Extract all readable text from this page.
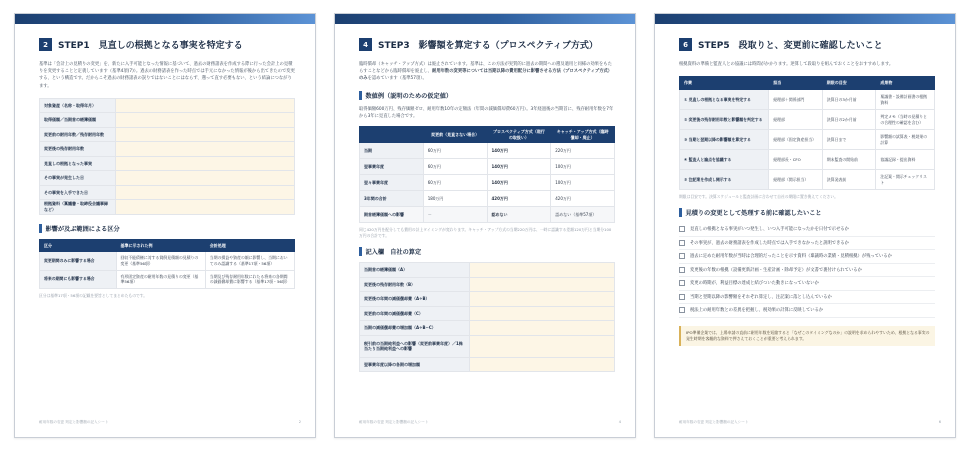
2	STEP1　見直しの根拠となる事実を特定する

基準は「会計上の見積りの変更」を、新たに入手可能となった情報に基づいて、過去の財務諸表を作成する際に行った会計上の見積りを変更することと定義しています（基準4項(7)）。過去の財務諸表を作った時点では手元になかった情報が後から出てきたので変更する、という構造です。だからこそ過去の財務諸表の誤りではないことにはならず、遡って直す必要もない、という結論につながります。

対象資産（名称・取得年月）	
取得価額／当期首の帳簿価額	
変更前の耐用年数／残存耐用年数	
変更後の残存耐用年数	
見直しの根拠となった事実	
その事実が発生した日	
その事実を入手できた日	
根拠資料（稟議書・取締役会議事録など）	
影響が及ぶ範囲による区分
区分	基準に示された例	会計処理
変更期間のみに影響する場合	回収不能債権に対する貸倒見積額の見積りの変更（基準56項）	当期の損益や資産の額に影響し、当期においてのみ認識する（基準17項・56項）
将来の期間にも影響する場合	有形固定資産の耐用年数の見積りの変更（基準56項）	当期及び残存耐用年数にわたる将来の各期間の減価償却費に影響する（基準17項・56項）
区分は基準17項・56項の記載を要旨としてまとめたものです。
耐用年数の変更 判定と影響額の記入シート	2
4	STEP3　影響額を算定する（プロスペクティブ方式）

臨時償却（キャッチ・アップ方式）は廃止されています。基準は、この方法が実質的に過去の期間への遡及適用と同様の効果をもたらすことなどから臨時償却を廃止し、耐用年数の変更等については当期以降の費用配分に影響させる方法（プロスペクティブ方式）のみを認めています（基準57項）。

数値例（説明のための仮定値）

取得価額600万円、残存価額ゼロ、耐用年数10年の定額法（年間の減価償却費60万円）。3年経過後の当期首に、残存耐用年数を7年から3年に見直した場合です。

	変更前（見直さない場合）	プロスペクティブ方式（現行の取扱い）	キャッチ・アップ方式（臨時償却・廃止）
当期	60万円	140万円	220万円
翌事業年度	60万円	140万円	100万円
翌々事業年度	60万円	140万円	100万円
3年間の合計	180万円	420万円	420万円
期首帳簿価額への影響	－	認めない	認めない（基準57項）
同じ420万円を配分しても費用の計上タイミングが変わります。キャッチ・アップ方式の当期220万円は、一時に認識する差額120万円と当期分100万円の合計です。
記入欄　自社の算定
当期首の帳簿価額（A）	
変更後の残存耐用年数（B）	
変更後の年間の減価償却費（A÷B）	
変更前の年間の減価償却費（C）	
当期の減価償却費の増加額（A÷B−C）	
税引前の当期純利益への影響（変更前事業年度）／1株当たり当期純利益への影響	
翌事業年度以降の各期の増加額	
耐用年数の変更 判定と影響額の記入シート	4
6	STEP5　段取りと、変更前に確認したいこと

根拠資料の準備と監査人との協議には時間がかかります。逆算して段取りを組んでおくことをおすすめします。

作業	担当	期限の目安	成果物
① 見直しの根拠となる事実を特定する	経理部＋関係部門	決算日の3か月前	稟議書・設備計画書の根拠資料
② 変更後の残存耐用年数と影響額を判定する	経理部	決算日の2か月前	判定メモ（当時の見積りとの合理性の確認を含む）
③ 当期と翌期以降の影響額を算定する	経理部（固定資産担当）	決算日まで	影響額の試算表・税効果の計算
④ 監査人と論点を協議する	経理部長・CFO	期末監査の開始前	協議記録・提出資料
⑤ 注記案を作成し開示する	経理部（開示担当）	決算発表前	注記案・開示チェックリスト
期限は目安です。決算スケジュールと監査計画に合わせて自社の期限に置き換えてください。
見積りの変更として処理する前に確認したいこと
見直しの根拠となる事実がいつ発生し、いつ入手可能になったかを日付で示せるか
その事実が、過去の財務諸表を作成した時点では入手できなかったと説明できるか
過去に定めた耐用年数が当時は合理的だったことを示す資料（稟議時の業績・見積根拠）が残っているか
変更後の年数の根拠（設備更新計画・生産計画・除却予定）が文書で裏付けられているか
変更の時期が、利益目標の達成と結びついた動きになっていないか
当期と翌期以降の影響額をそれぞれ算定し、注記案に落とし込んでいるか
税法上の耐用年数との差異を把握し、税効果の計算に反映しているか
IPO準備企業では、上場申請の直前に耐用年数を短縮すると「なぜこのタイミングなのか」の説明を求められやすいため、根拠となる事実の発生時期を客観的な資料で押さえておくことが重要と考えられます。
耐用年数の変更 判定と影響額の記入シート	6
